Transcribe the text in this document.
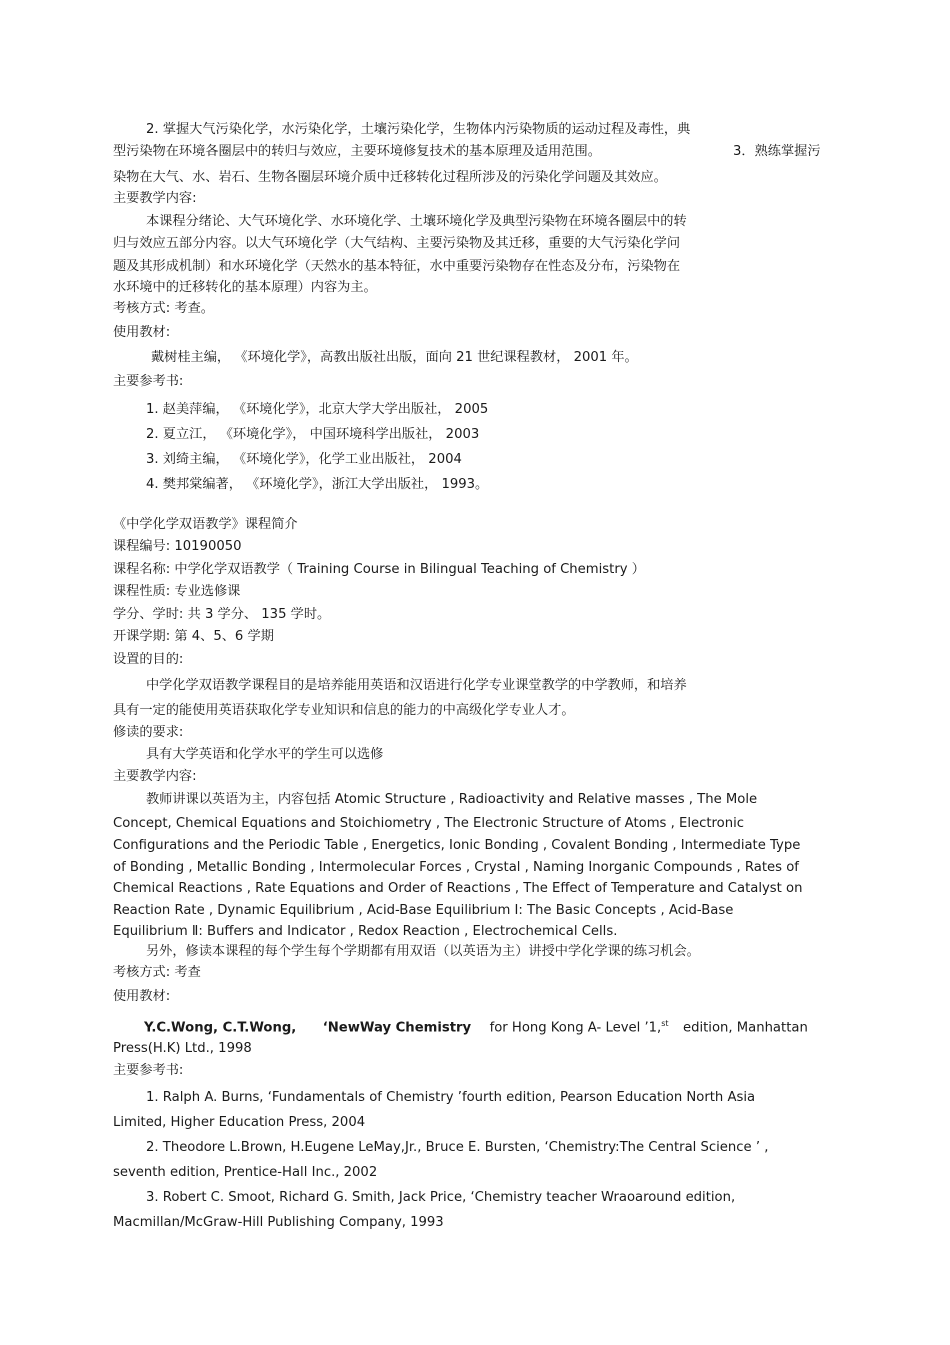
2. 掌握大气污染化学，水污染化学，土壤污染化学，生物体内污染物质的运动过程及毒性，典
型污染物在环境各圈层中的转归与效应，主要环境修复技术的基本原理及适用范围。	3．熟练掌握污
染物在大气、水、岩石、生物各圈层环境介质中迁移转化过程所涉及的污染化学问题及其效应。
主要教学内容:
本课程分绪论、大气环境化学、水环境化学、土壤环境化学及典型污染物在环境各圈层中的转
归与效应五部分内容。以大气环境化学（大气结构、主要污染物及其迁移，重要的大气污染化学问
题及其形成机制）和水环境化学（天然水的基本特征，水中重要污染物存在性态及分布，污染物在
水环境中的迁移转化的基本原理）内容为主。
考核方式: 考查。
使用教材:
戴树桂主编， 《环境化学》，高教出版社出版，面向 21 世纪课程教材， 2001 年。
主要参考书:
1. 赵美萍编， 《环境化学》，北京大学大学出版社， 2005
2. 夏立江， 《环境化学》， 中国环境科学出版社， 2003
3. 刘绮主编， 《环境化学》，化学工业出版社， 2004
4. 樊邦棠编著， 《环境化学》，浙江大学出版社， 1993。
《中学化学双语教学》课程简介
课程编号: 10190050
课程名称: 中学化学双语教学（ Training Course in Bilingual Teaching of Chemistry ）
课程性质: 专业选修课
学分、学时: 共 3 学分、 135 学时。
开课学期: 第 4、5、6 学期
设置的目的:
中学化学双语教学课程目的是培养能用英语和汉语进行化学专业课堂教学的中学教师，和培养
具有一定的能使用英语获取化学专业知识和信息的能力的中高级化学专业人才。
修读的要求:
具有大学英语和化学水平的学生可以选修
主要教学内容:
教师讲课以英语为主，内容包括 Atomic Structure , Radioactivity and Relative masses , The Mole
Concept, Chemical Equations and Stoichiometry , The Electronic Structure of Atoms , Electronic
Configurations and the Periodic Table , Energetics, Ionic Bonding , Covalent Bonding , Intermediate Type
of Bonding , Metallic Bonding , Intermolecular Forces , Crystal , Naming Inorganic Compounds , Rates of
Chemical Reactions , Rate Equations and Order of Reactions , The Effect of Temperature and Catalyst on
Reaction Rate , Dynamic Equilibrium , Acid-Base Equilibrium Ⅰ: The Basic Concepts , Acid-Base
Equilibrium Ⅱ: Buffers and Indicator , Redox Reaction , Electrochemical Cells.
另外，修读本课程的每个学生每个学期都有用双语（以英语为主）讲授中学化学课的练习机会。
考核方式: 考查
使用教材:
Y.C.Wong, C.T.Wong, ‘NewWay Chemistry for Hong Kong A- Level ’1,$^{st}$ edition, Manhattan
Press(H.K) Ltd., 1998
主要参考书:
1. Ralph A. Burns, ‘Fundamentals of Chemistry ’fourth edition, Pearson Education North Asia
Limited, Higher Education Press, 2004
2. Theodore L.Brown, H.Eugene LeMay,Jr., Bruce E. Bursten, ‘Chemistry:The Central Science ’ ,
seventh edition, Prentice-Hall Inc., 2002
3. Robert C. Smoot, Richard G. Smith, Jack Price, ‘Chemistry teacher Wraoaround edition,
Macmillan/McGraw-Hill Publishing Company, 1993
